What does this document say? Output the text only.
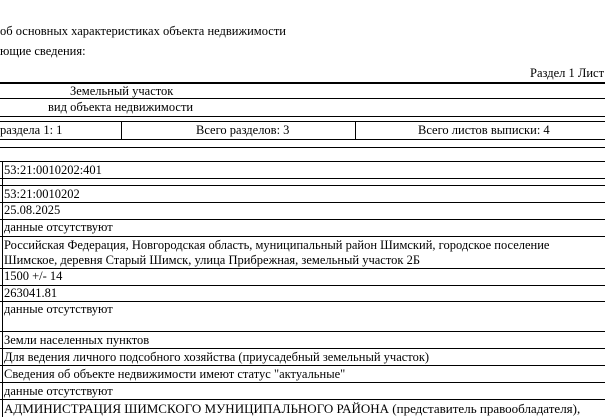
об основных характеристиках объекта недвижимости
ющие сведения:
Раздел 1 Лист
Земельный участок
вид объекта недвижимости
раздела 1: 1	Всего разделов: 3	Всего листов выписки: 4
53:21:0010202:401
53:21:0010202
25.08.2025
данные отсутствуют
Российская Федерация, Новгородская область, муниципальный район Шимский, городское поселение
Шимское, деревня Старый Шимск, улица Прибрежная, земельный участок 2Б
1500 +/- 14
263041.81
данные отсутствуют
Земли населенных пунктов
Для ведения личного подсобного хозяйства (приусадебный земельный участок)
Сведения об объекте недвижимости имеют статус "актуальные"
данные отсутствуют
АДМИНИСТРАЦИЯ ШИМСКОГО МУНИЦИПАЛЬНОГО РАЙОНА (представитель правообладателя),
